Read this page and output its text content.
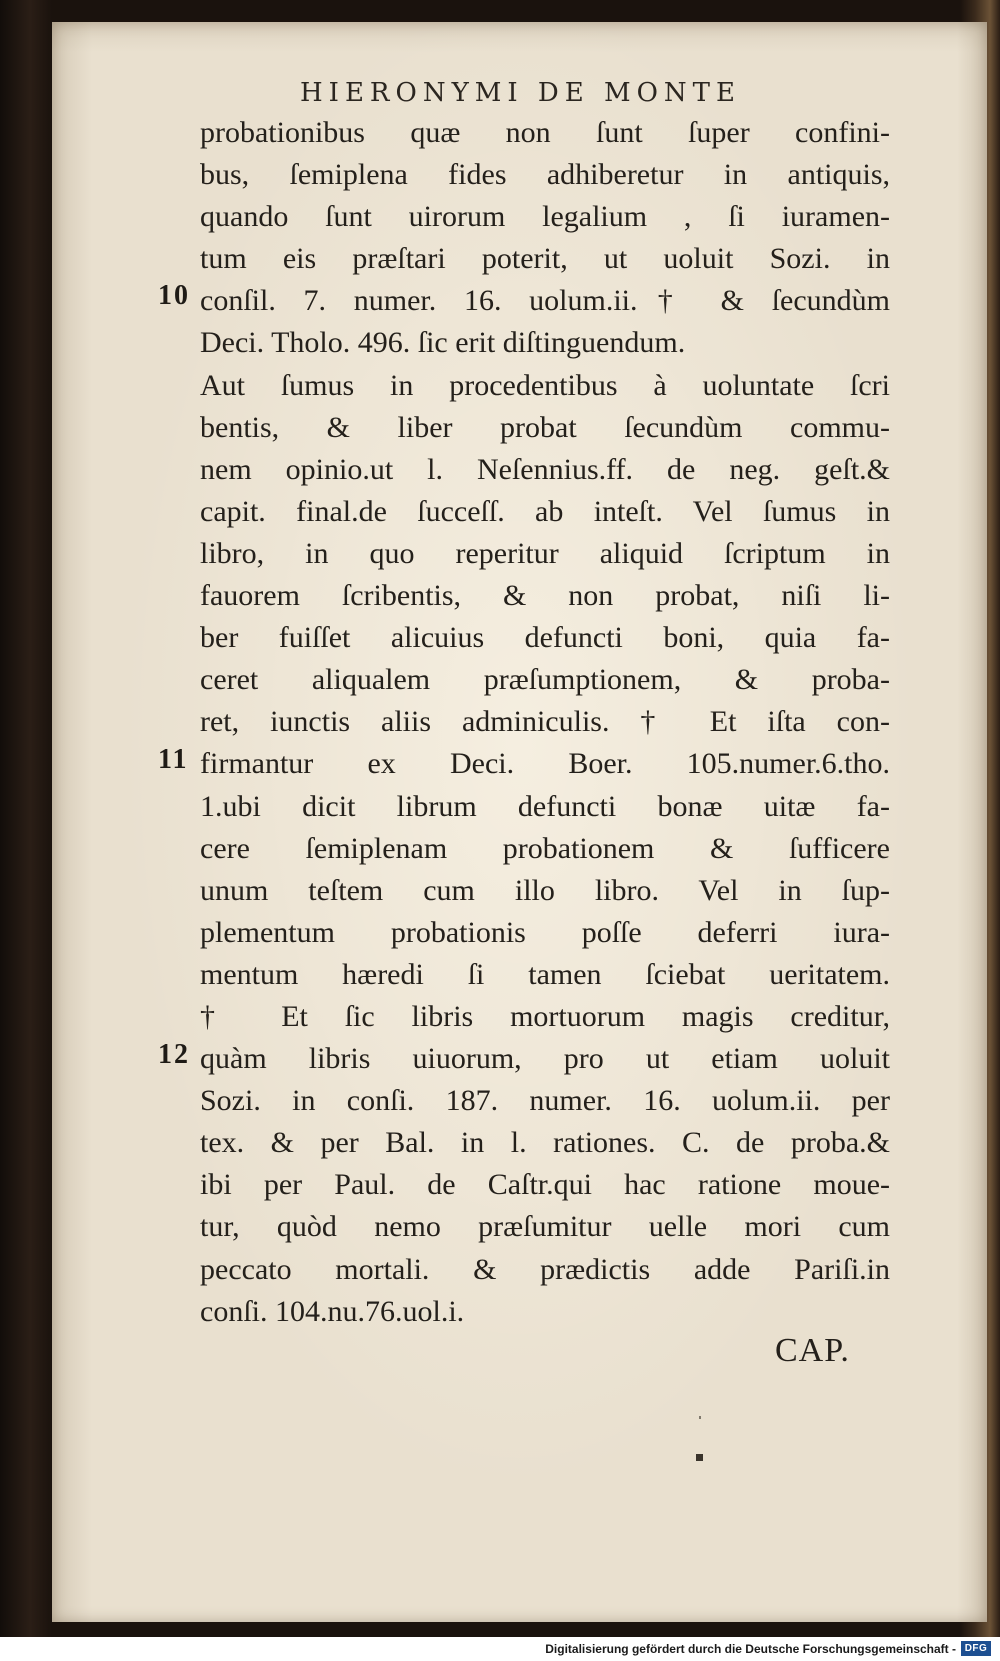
HIERONYMI DE MONTE
probationibus quæ non ſunt ſuper confini-
bus, ſemiplena fides adhiberetur in antiquis,
quando ſunt uirorum legalium , ſi iuramen-
tum eis præſtari poterit, ut uoluit Sozi. in
conſil. 7. numer. 16. uolum.ii.† & ſecundùm
Deci. Tholo. 496. ſic erit diſtinguendum.
Aut ſumus in procedentibus à uoluntate ſcri
bentis, & liber probat ſecundùm commu-
nem opinio.ut l. Neſennius.ff. de neg. geſt.&
capit. final.de ſucceſſ. ab inteſt. Vel ſumus in
libro, in quo reperitur aliquid ſcriptum in
fauorem ſcribentis, & non probat, niſi li-
ber fuiſſet alicuius defuncti boni, quia fa-
ceret aliqualem præſumptionem, & proba-
ret, iunctis aliis adminiculis. † Et iſta con-
firmantur ex Deci. Boer. 105.numer.6.tho.
1.ubi dicit librum defuncti bonæ uitæ fa-
cere ſemiplenam probationem & ſufficere
unum teſtem cum illo libro. Vel in ſup-
plementum probationis poſſe deferri iura-
mentum hæredi ſi tamen ſciebat ueritatem.
† Et ſic libris mortuorum magis creditur,
quàm libris uiuorum, pro ut etiam uoluit
Sozi. in conſi. 187. numer. 16. uolum.ii. per
tex. & per Bal. in l. rationes. C. de proba.&
ibi per Paul. de Caſtr.qui hac ratione moue-
tur, quòd nemo præſumitur uelle mori cum
peccato mortali. & prædictis adde Pariſi.in
conſi. 104.nu.76.uol.i.
10
11
12
CAP.
Digitalisierung gefördert durch die Deutsche Forschungsgemeinschaft - DFG
